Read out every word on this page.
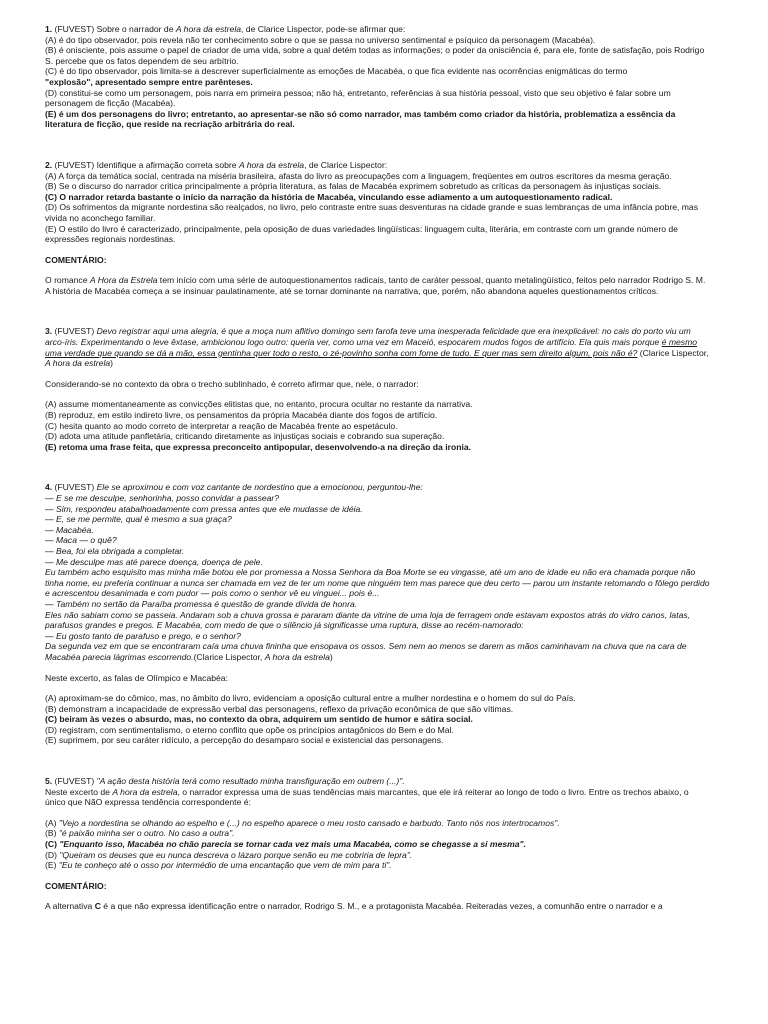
1. (FUVEST) Sobre o narrador de A hora da estrela, de Clarice Lispector, pode-se afirmar que:

(A) é do tipo observador, pois revela não ter conhecimento sobre o que se passa no universo sentimental e psíquico da personagem (Macabéa).

(B) é onisciente, pois assume o papel de criador de uma vida, sobre a qual detém todas as informações; o poder da onisciência é, para ele, fonte de satisfação, pois Rodrigo S. percebe que os fatos dependem de seu arbítrio.

(C) é do tipo observador, pois limita-se a descrever superficialmente as emoções de Macabéa, o que fica evidente nas ocorrências enigmáticas do termo
"explosão", apresentado sempre entre parênteses.

(D) constitui-se como um personagem, pois narra em primeira pessoa; não há, entretanto, referências à sua história pessoal, visto que seu objetivo é falar sobre um personagem de ficção (Macabéa).

(E) é um dos personagens do livro; entretanto, ao apresentar-se não só como narrador, mas também como criador da história, problematiza a essência da literatura de ficção, que reside na recriação arbitrária do real.

2. (FUVEST) Identifique a afirmação correta sobre A hora da estrela, de Clarice Lispector:

(A) A força da temática social, centrada na miséria brasileira, afasta do livro as preocupações com a linguagem, freqüentes em outros escritores da mesma geração.

(B) Se o discurso do narrador critica principalmente a própria literatura, as falas de Macabéa exprimem sobretudo as críticas da personagem às injustiças sociais.

(C) O narrador retarda bastante o início da narração da história de Macabéa, vinculando esse adiamento a um autoquestionamento radical.

(D) Os sofrimentos da migrante nordestina são realçados, no livro, pelo contraste entre suas desventuras na cidade grande e suas lembranças de uma infância pobre, mas vivida no aconchego familiar.

(E) O estilo do livro é caracterizado, principalmente, pela oposição de duas variedades lingüísticas: linguagem culta, literária, em contraste com um grande número de expressões regionais nordestinas.

COMENTÁRIO:

O romance A Hora da Estrela tem início com uma série de autoquestionamentos radicais, tanto de caráter pessoal, quanto metalingüístico, feitos pelo narrador Rodrigo S. M. A história de Macabéa começa a se insinuar paulatinamente, até se tornar dominante na narrativa, que, porém, não abandona aqueles questionamentos críticos.

3. (FUVEST) Devo registrar aqui uma alegria, é que a moça num aflitivo domingo sem farofa teve uma inesperada felicidade que era inexplicável: no cais do porto viu um arco-íris. Experimentando o leve êxtase, ambicionou logo outro: queria ver, como uma vez em Maceió, espocarem mudos fogos de artifício. Ela quis mais porque é mesmo uma verdade que quando se dá a mão, essa gentinha quer todo o resto, o zé-povinho sonha com fome de tudo. E quer mas sem direito algum, pois não é? (Clarice Lispector, A hora da estrela)

Considerando-se no contexto da obra o trecho sublinhado, é correto afirmar que, nele, o narrador:

(A) assume momentaneamente as convicções elitistas que, no entanto, procura ocultar no restante da narrativa.

(B) reproduz, em estilo indireto livre, os pensamentos da própria Macabéa diante dos fogos de artifício.

(C) hesita quanto ao modo correto de interpretar a reação de Macabéa frente ao espetáculo.

(D) adota uma atitude panfletária, criticando diretamente as injustiças sociais e cobrando sua superação.

(E) retoma uma frase feita, que expressa preconceito antipopular, desenvolvendo-a na direção da ironia.

4. (FUVEST) Ele se aproximou e com voz cantante de nordestino que a emocionou, perguntou-lhe:

— E se me desculpe, senhorinha, posso convidar a passear?

— Sim, respondeu atabalhoadamente com pressa antes que ele mudasse de idéia.

— E, se me permite, qual é mesmo a sua graça?

— Macabéa.

— Maca — o quê?

— Bea, foi ela obrigada a completar.

— Me desculpe mas até parece doença, doença de pele.

Eu também acho esquisito mas minha mãe botou ele por promessa a Nossa Senhora da Boa Morte se eu vingasse, até um ano de idade eu não era chamada porque não tinha nome, eu preferia continuar a nunca ser chamada em vez de ter um nome que ninguém tem mas parece que deu certo — parou um instante retomando o fôlego perdido e acrescentou desanimada e com pudor — pois como o senhor vê eu vinguei... pois é...

— Também no sertão da Paraíba promessa é questão de grande dívida de honra.

Eles não sabiam como se passeia. Andaram sob a chuva grossa e pararam diante da vitrine de uma loja de ferragem onde estavam expostos atrás do vidro canos, latas, parafusos grandes e pregos. E Macabéa, com medo de que o silêncio já significasse uma ruptura, disse ao recém-namorado:

— Eu gosto tanto de parafuso e prego, e o senhor?

Da segunda vez em que se encontraram caía uma chuva fininha que ensopava os ossos. Sem nem ao menos se darem as mãos caminhavam na chuva que na cara de Macabéa parecia lágrimas escorrendo.(Clarice Lispector, A hora da estrela)

Neste excerto, as falas de Olímpico e Macabéa:

(A) aproximam-se do cômico, mas, no âmbito do livro, evidenciam a oposição cultural entre a mulher nordestina e o homem do sul do País.

(B) demonstram a incapacidade de expressão verbal das personagens, reflexo da privação econômica de que são vítimas.

(C) beiram às vezes o absurdo, mas, no contexto da obra, adquirem um sentido de humor e sátira social.

(D) registram, com sentimentalismo, o eterno conflito que opõe os princípios antagônicos do Bem e do Mal.

(E) suprimem, por seu caráter ridículo, a percepção do desamparo social e existencial das personagens.

5. (FUVEST) "A ação desta história terá como resultado minha transfiguração em outrem (...)".

Neste excerto de A hora da estrela, o narrador expressa uma de suas tendências mais marcantes, que ele irá reiterar ao longo de todo o livro. Entre os trechos abaixo, o único que NãO expressa tendência correspondente é:

(A) "Vejo a nordestina se olhando ao espelho e (...) no espelho aparece o meu rosto cansado e barbudo. Tanto nós nos intertrocamos".

(B) "é paixão minha ser o outro. No caso a outra".

(C) "Enquanto isso, Macabéa no chão parecia se tornar cada vez mais uma Macabéa, como se chegasse a si mesma".

(D) "Queiram os deuses que eu nunca descreva o lázaro porque senão eu me cobriria de lepra".

(E) "Eu te conheço até o osso por intermédio de uma encantação que vem de mim para ti".

COMENTÁRIO:

A alternativa C é a que não expressa identificação entre o narrador, Rodrigo S. M., e a protagonista Macabéa. Reiteradas vezes, a comunhão entre o narrador e a
